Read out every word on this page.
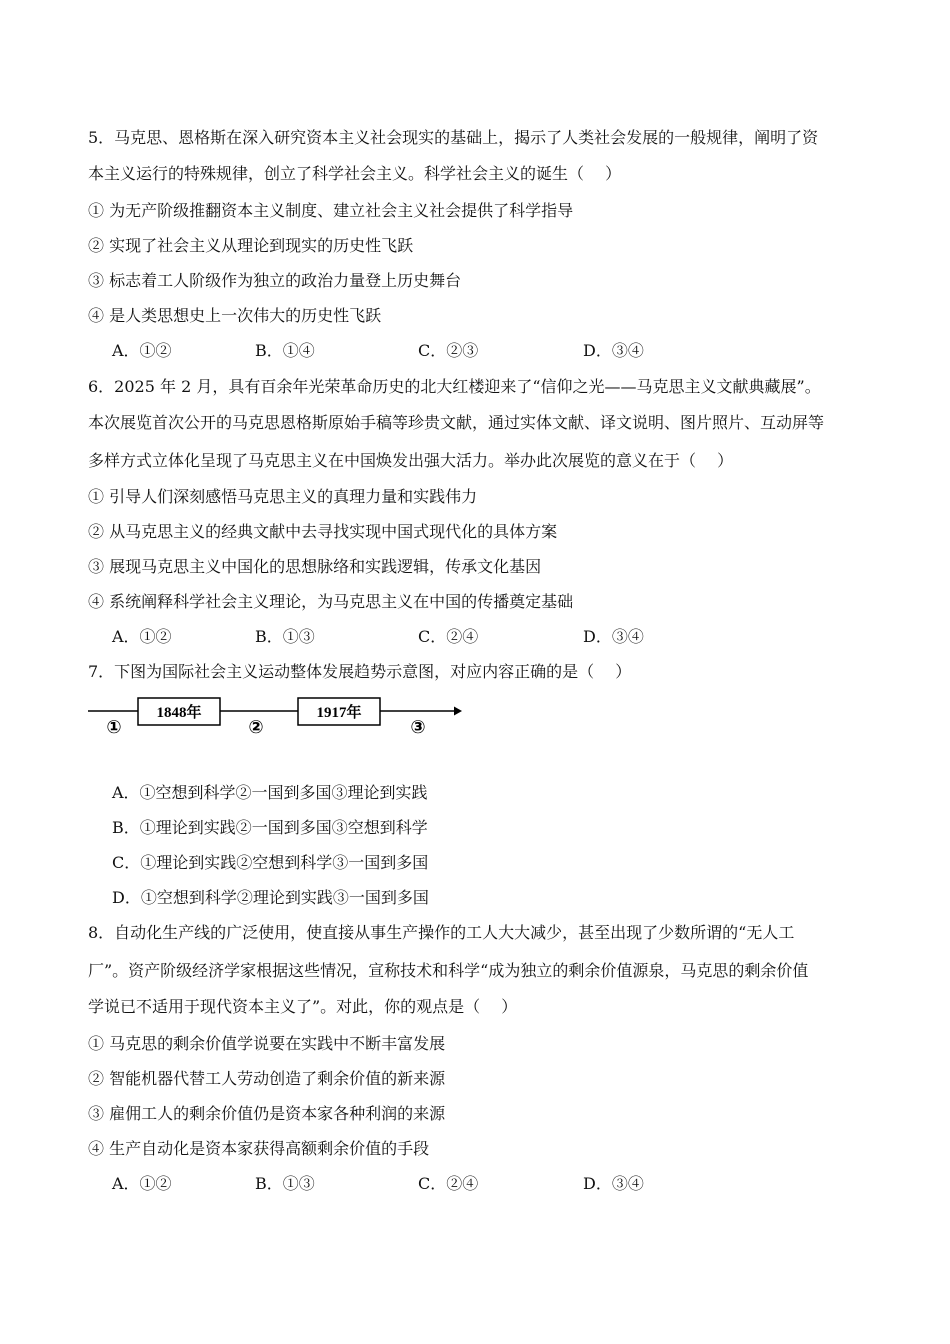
5．马克思、恩格斯在深入研究资本主义社会现实的基础上，揭示了人类社会发展的一般规律，阐明了资
本主义运行的特殊规律，创立了科学社会主义。科学社会主义的诞生（　 ）
① 为无产阶级推翻资本主义制度、建立社会主义社会提供了科学指导
② 实现了社会主义从理论到现实的历史性飞跃
③ 标志着工人阶级作为独立的政治力量登上历史舞台
④ 是人类思想史上一次伟大的历史性飞跃
A．①②	B．①④	C．②③	D．③④
6．2025 年 2 月，具有百余年光荣革命历史的北大红楼迎来了“信仰之光——马克思主义文献典藏展”。
本次展览首次公开的马克思恩格斯原始手稿等珍贵文献，通过实体文献、译文说明、图片照片、互动屏等
多样方式立体化呈现了马克思主义在中国焕发出强大活力。举办此次展览的意义在于（　 ）
① 引导人们深刻感悟马克思主义的真理力量和实践伟力
② 从马克思主义的经典文献中去寻找实现中国式现代化的具体方案
③ 展现马克思主义中国化的思想脉络和实践逻辑，传承文化基因
④ 系统阐释科学社会主义理论，为马克思主义在中国的传播奠定基础
A．①②	B．①③	C．②④	D．③④
7．下图为国际社会主义运动整体发展趋势示意图，对应内容正确的是（　 ）
1848年	1917年
①	②	③
A．①空想到科学②一国到多国③理论到实践
B．①理论到实践②一国到多国③空想到科学
C．①理论到实践②空想到科学③一国到多国
D．①空想到科学②理论到实践③一国到多国
8．自动化生产线的广泛使用，使直接从事生产操作的工人大大减少，甚至出现了少数所谓的“无人工
厂”。资产阶级经济学家根据这些情况，宣称技术和科学“成为独立的剩余价值源泉，马克思的剩余价值
学说已不适用于现代资本主义了”。对此，你的观点是（　 ）
① 马克思的剩余价值学说要在实践中不断丰富发展
② 智能机器代替工人劳动创造了剩余价值的新来源
③ 雇佣工人的剩余价值仍是资本家各种利润的来源
④ 生产自动化是资本家获得高额剩余价值的手段
A．①②	B．①③	C．②④	D．③④
